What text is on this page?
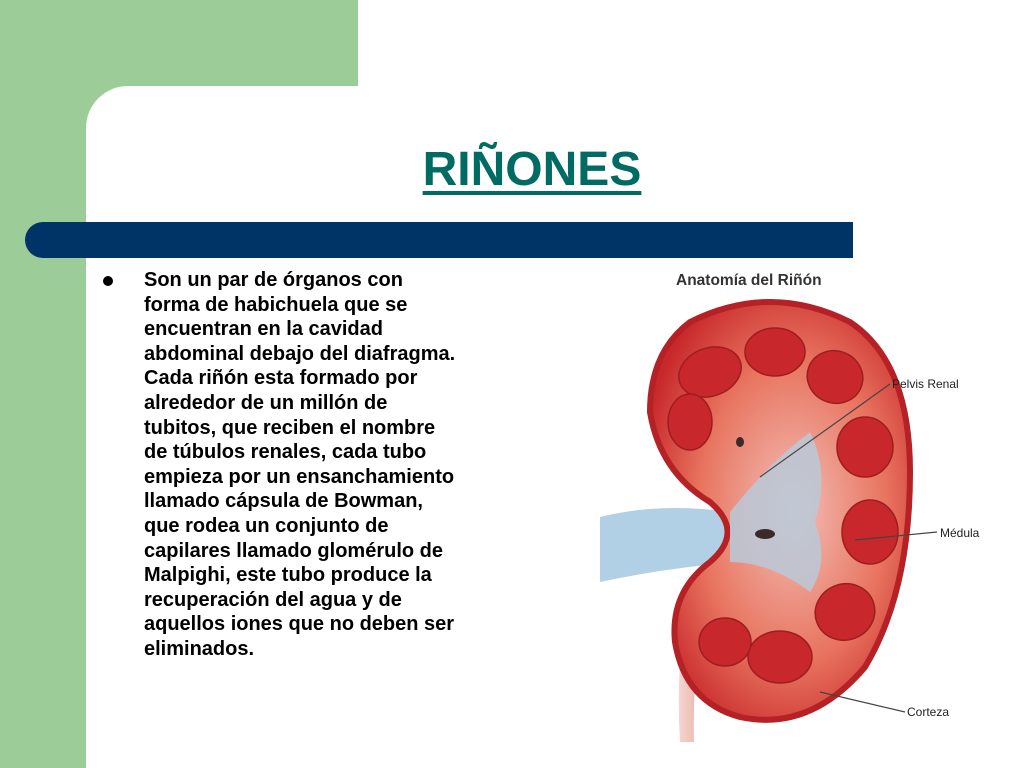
RIÑONES

Son un par de órganos con
forma de habichuela que se
encuentran en la cavidad
abdominal debajo del diafragma.
Cada riñón esta formado por
alrededor de un millón de
tubitos, que reciben el nombre
de túbulos renales, cada tubo
empieza por un ensanchamiento
llamado cápsula de Bowman,
que rodea un conjunto de
capilares llamado glomérulo de
Malpighi, este tubo produce la
recuperación del agua y de
aquellos iones que no deben ser
eliminados.

Anatomía del Riñón
Pelvis Renal
Médula
Corteza
